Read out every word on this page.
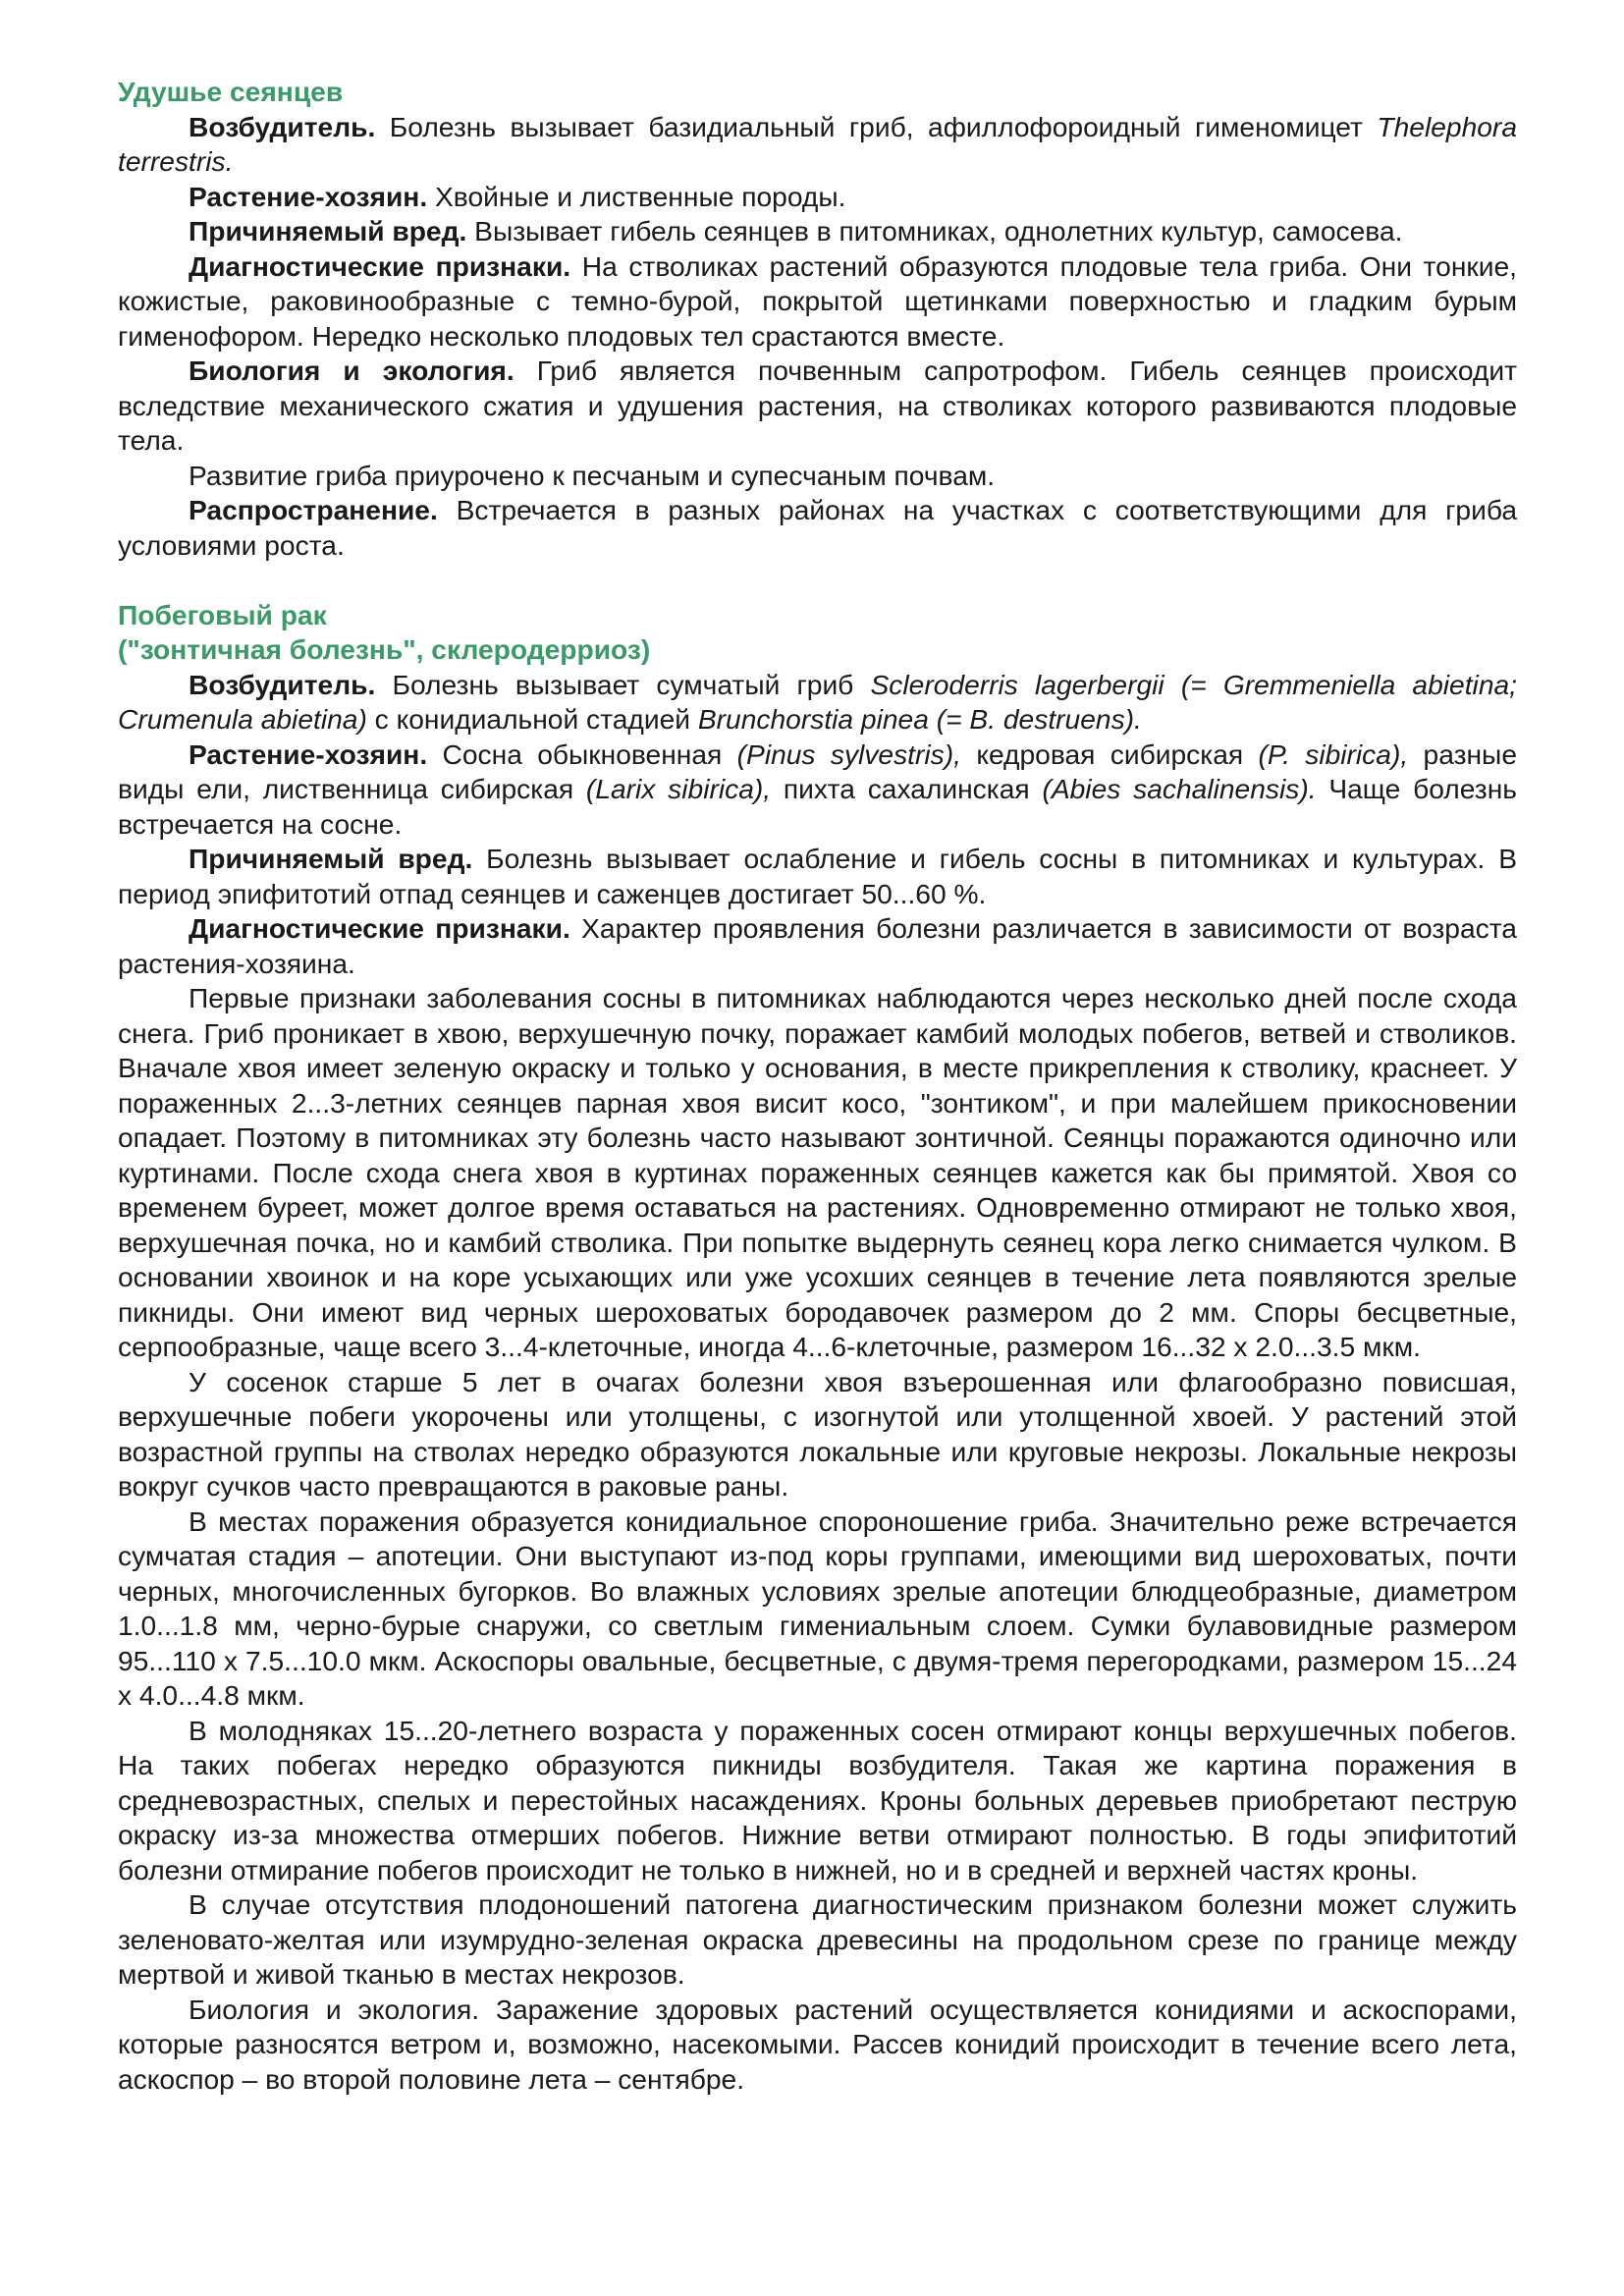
Удушье сеянцев

Возбудитель. Болезнь вызывает базидиальный гриб, афиллофороидный гименомицет Thelephora terrestris.

Растение-хозяин. Хвойные и лиственные породы.

Причиняемый вред. Вызывает гибель сеянцев в питомниках, однолетних культур, самосева.

Диагностические признаки. На стволиках растений образуются плодовые тела гриба. Они тонкие, кожистые, раковинообразные с темно-бурой, покрытой щетинками поверхностью и гладким бурым гименофором. Нередко несколько плодовых тел срастаются вместе.

Биология и экология. Гриб является почвенным сапротрофом. Гибель сеянцев происходит вследствие механического сжатия и удушения растения, на стволиках которого развиваются плодовые тела.

Развитие гриба приурочено к песчаным и супесчаным почвам.

Распространение. Встречается в разных районах на участках с соответствующими для гриба условиями роста.

Побеговый рак
("зонтичная болезнь", склеродерриоз)

Возбудитель. Болезнь вызывает сумчатый гриб Scleroderris lagerbergii (= Gremmeniella abietina; Crumenula abietina) с конидиальной стадией Brunchorstia pinea (= B. destruens).

Растение-хозяин. Сосна обыкновенная (Pinus sylvestris), кедровая сибирская (P. sibirica), разные виды ели, лиственница сибирская (Larix sibirica), пихта сахалинская (Abies sachalinensis). Чаще болезнь встречается на сосне.

Причиняемый вред. Болезнь вызывает ослабление и гибель сосны в питомниках и культурах. В период эпифитотий отпад сеянцев и саженцев достигает 50...60 %.

Диагностические признаки. Характер проявления болезни различается в зависимости от возраста растения-хозяина.

Первые признаки заболевания сосны в питомниках наблюдаются через несколько дней после схода снега. Гриб проникает в хвою, верхушечную почку, поражает камбий молодых побегов, ветвей и стволиков. Вначале хвоя имеет зеленую окраску и только у основания, в месте прикрепления к стволику, краснеет. У пораженных 2...3-летних сеянцев парная хвоя висит косо, "зонтиком", и при малейшем прикосновении опадает. Поэтому в питомниках эту болезнь часто называют зонтичной. Сеянцы поражаются одиночно или куртинами. После схода снега хвоя в куртинах пораженных сеянцев кажется как бы примятой. Хвоя со временем буреет, может долгое время оставаться на растениях. Одновременно отмирают не только хвоя, верхушечная почка, но и камбий стволика. При попытке выдернуть сеянец кора легко снимается чулком. В основании хвоинок и на коре усыхающих или уже усохших сеянцев в течение лета появляются зрелые пикниды. Они имеют вид черных шероховатых бородавочек размером до 2 мм. Споры бесцветные, серпообразные, чаще всего 3...4-клеточные, иногда 4...6-клеточные, размером 16...32 x 2.0...3.5 мкм.

У сосенок старше 5 лет в очагах болезни хвоя взъерошенная или флагообразно повисшая, верхушечные побеги укорочены или утолщены, с изогнутой или утолщенной хвоей. У растений этой возрастной группы на стволах нередко образуются локальные или круговые некрозы. Локальные некрозы вокруг сучков часто превращаются в раковые раны.

В местах поражения образуется конидиальное спороношение гриба. Значительно реже встречается сумчатая стадия – апотеции. Они выступают из-под коры группами, имеющими вид шероховатых, почти черных, многочисленных бугорков. Во влажных условиях зрелые апотеции блюдцеобразные, диаметром 1.0...1.8 мм, черно-бурые снаружи, со светлым гимениальным слоем. Сумки булавовидные размером 95...110 x 7.5...10.0 мкм. Аскоспоры овальные, бесцветные, с двумя-тремя перегородками, размером 15...24 x 4.0...4.8 мкм.

В молодняках 15...20-летнего возраста у пораженных сосен отмирают концы верхушечных побегов. На таких побегах нередко образуются пикниды возбудителя. Такая же картина поражения в средневозрастных, спелых и перестойных насаждениях. Кроны больных деревьев приобретают пеструю окраску из-за множества отмерших побегов. Нижние ветви отмирают полностью. В годы эпифитотий болезни отмирание побегов происходит не только в нижней, но и в средней и верхней частях кроны.

В случае отсутствия плодоношений патогена диагностическим признаком болезни может служить зеленовато-желтая или изумрудно-зеленая окраска древесины на продольном срезе по границе между мертвой и живой тканью в местах некрозов.

Биология и экология. Заражение здоровых растений осуществляется конидиями и аскоспорами, которые разносятся ветром и, возможно, насекомыми. Рассев конидий происходит в течение всего лета, аскоспор – во второй половине лета – сентябре.
